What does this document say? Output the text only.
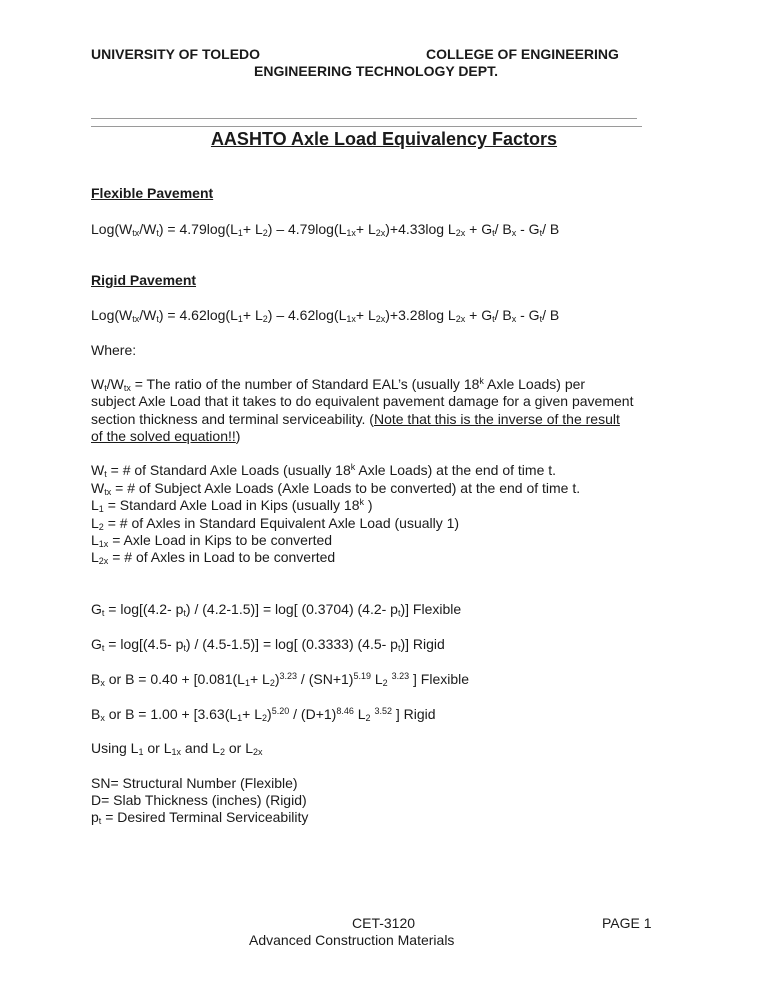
UNIVERSITY OF TOLEDO	COLLEGE OF ENGINEERING
ENGINEERING TECHNOLOGY DEPT.
AASHTO Axle Load Equivalency Factors
Flexible Pavement
$Log(W_{tx}/W_t) = 4.79\log(L_1+ L_2) - 4.79\log(L_{1x}+ L_{2x})+4.33\log$ $L_{2x} + G_t/$ $B_x - G_t/$ B
Rigid Pavement
$Log(W_{tx}/W_t) = 4.62\log(L_1+ L_2) - 4.62\log(L_{1x}+ L_{2x})+3.28\log$ $L_{2x} + G_t/$ $B_x - G_t/$ B
Where:
$W_t/W_{tx}$ = The ratio of the number of Standard EAL’s (usually 18$^k$ Axle Loads) per
subject Axle Load that it takes to do equivalent pavement damage for a given pavement
section thickness and terminal serviceability. (Note that this is the inverse of the result
of the solved equation!!)
$W_t$ = # of Standard Axle Loads (usually 18$^k$ Axle Loads) at the end of time t.
$W_{tx}$ = # of Subject Axle Loads (Axle Loads to be converted) at the end of time t.
$L_1$ = Standard Axle Load in Kips (usually 18$^k$ )
$L_2$ = # of Axles in Standard Equivalent Axle Load (usually 1)
$L_{1x}$ = Axle Load in Kips to be converted
$L_{2x}$ = # of Axles in Load to be converted
$G_t = \log[(4.2-$ $p_t) / (4.2-1.5)] = \log$[ (0.3704) (4.2- $p_t$)] Flexible
$G_t = \log[(4.5-$ $p_t) / (4.5-1.5)] = \log$[ (0.3333) (4.5- $p_t$)] Rigid
$B_x$ or $B = 0.40 + [0.081(L_1+ L_2)^{3.23} / (SN+1)^{5.19}$ $L_2$ $^{3.23}$ ] Flexible
$B_x$ or $B = 1.00 + [3.63(L_1+ L_2)^{5.20} / (D+1)^{8.46}$ $L_2$ $^{3.52}$ ] Rigid
Using $L_1$ or $L_{1x}$ and $L_2$ or $L_{2x}$
SN= Structural Number (Flexible)
D= Slab Thickness (inches) (Rigid)
$p_t$ = Desired Terminal Serviceability
CET-3120	PAGE 1
Advanced Construction Materials
